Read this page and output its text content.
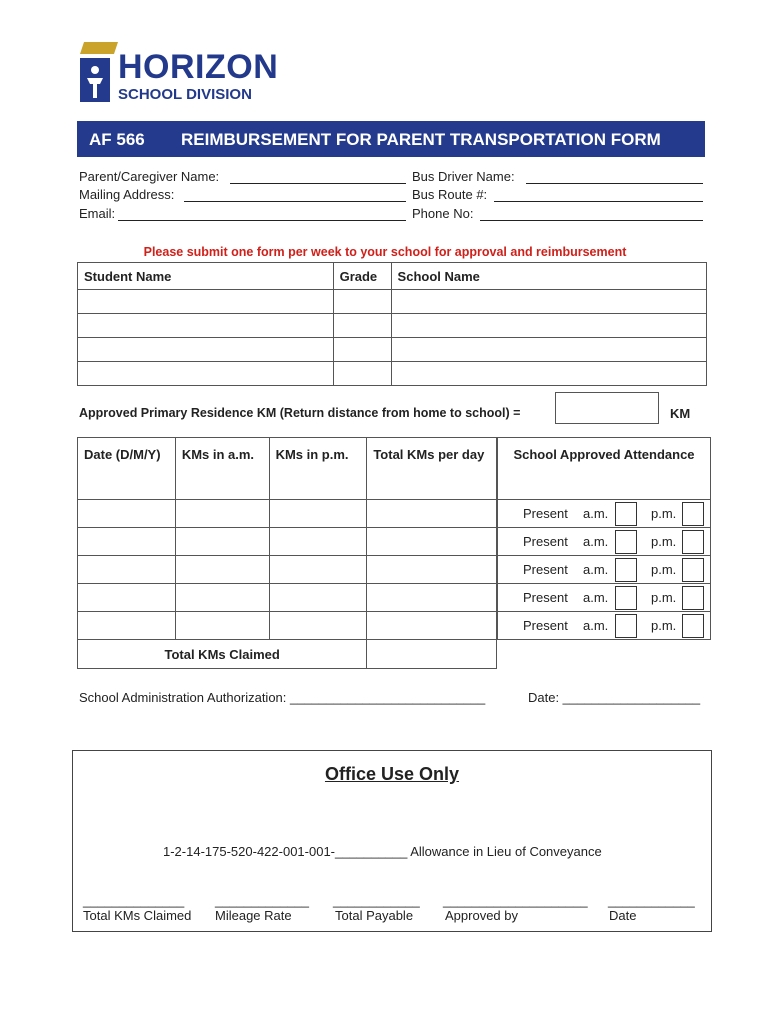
HORIZON
SCHOOL DIVISION
AF 566 REIMBURSEMENT FOR PARENT TRANSPORTATION FORM
Parent/Caregiver Name:
Mailing Address:
Email:
Bus Driver Name:
Bus Route #:
Phone No:
Please submit one form per week to your school for approval and reimbursement
Student Name	Grade	School Name

Approved Primary Residence KM (Return distance from home to school) =	KM
Date (D/M/Y)	KMs in a.m.	KMs in p.m.	Total KMs per day

Total KMs Claimed			
School Approved Attendance

Present a.m.	p.m.

Present a.m.	p.m.

Present a.m.	p.m.

Present a.m.	p.m.

Present a.m.	p.m.
School Administration Authorization: ___________________________	Date: ___________________
Office Use Only
1-2-14-175-520-422-001-001-__________ Allowance in Lieu of Conveyance
______________ _____________ ____________ ____________________ ____________
Total KMs Claimed Mileage Rate	Total Payable Approved by	Date
